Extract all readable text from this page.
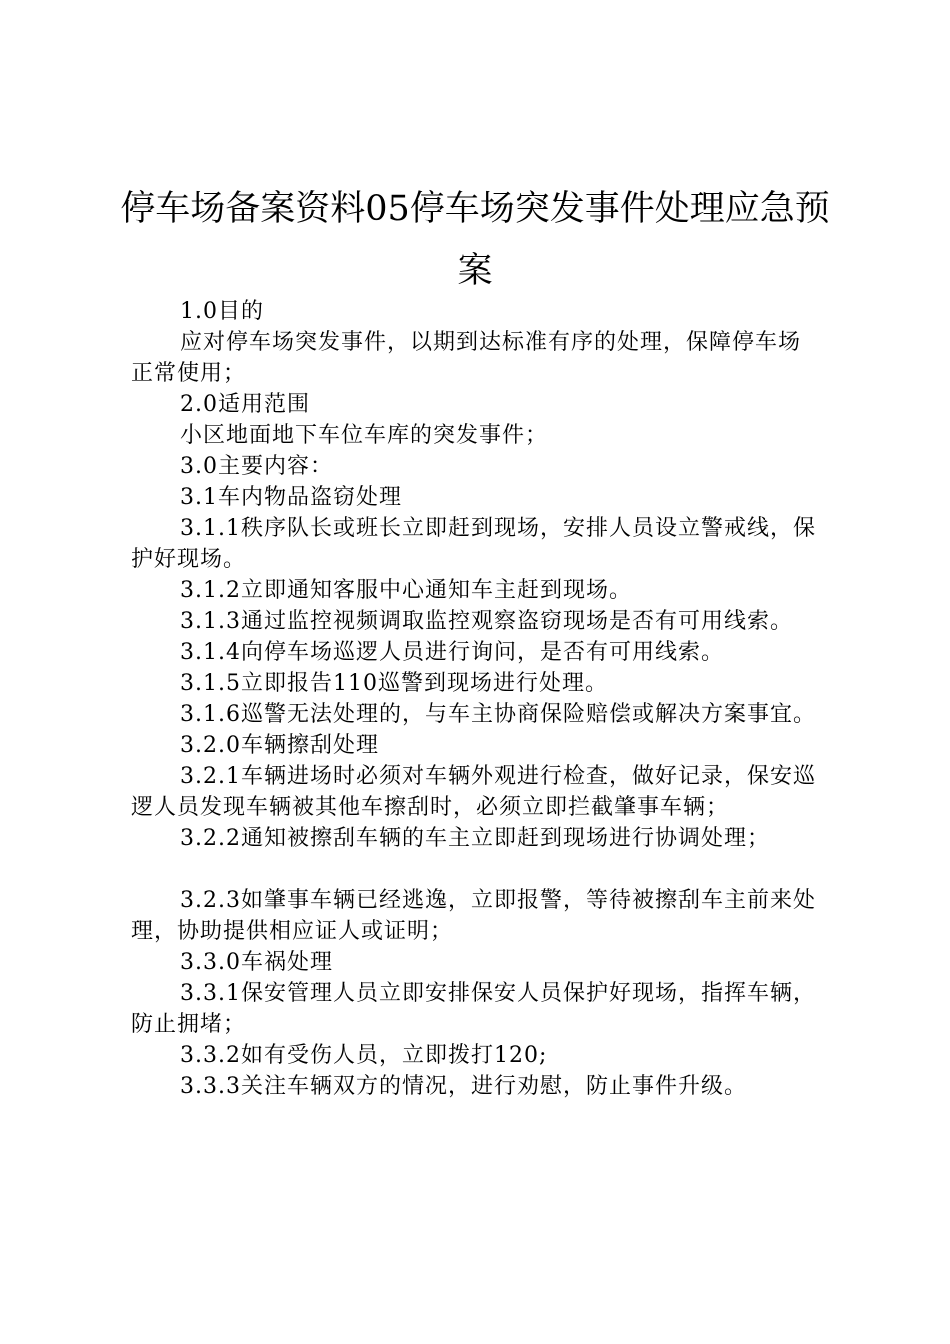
停车场备案资料05停车场突发事件处理应急预案

1.0目的

应对停车场突发事件，以期到达标准有序的处理，保障停车场正常使用；

2.0适用范围

小区地面地下车位车库的突发事件；

3.0主要内容：

3.1车内物品盗窃处理

3.1.1秩序队长或班长立即赶到现场，安排人员设立警戒线，保护好现场。

3.1.2立即通知客服中心通知车主赶到现场。

3.1.3通过监控视频调取监控观察盗窃现场是否有可用线索。

3.1.4向停车场巡逻人员进行询问，是否有可用线索。

3.1.5立即报告110巡警到现场进行处理。

3.1.6巡警无法处理的，与车主协商保险赔偿或解决方案事宜。

3.2.0车辆擦刮处理

3.2.1车辆进场时必须对车辆外观进行检查，做好记录，保安巡逻人员发现车辆被其他车擦刮时，必须立即拦截肇事车辆；

3.2.2通知被擦刮车辆的车主立即赶到现场进行协调处理；

3.2.3如肇事车辆已经逃逸，立即报警，等待被擦刮车主前来处理，协助提供相应证人或证明；

3.3.0车祸处理

3.3.1保安管理人员立即安排保安人员保护好现场，指挥车辆，防止拥堵；

3.3.2如有受伤人员，立即拨打120;

3.3.3关注车辆双方的情况，进行劝慰，防止事件升级。
